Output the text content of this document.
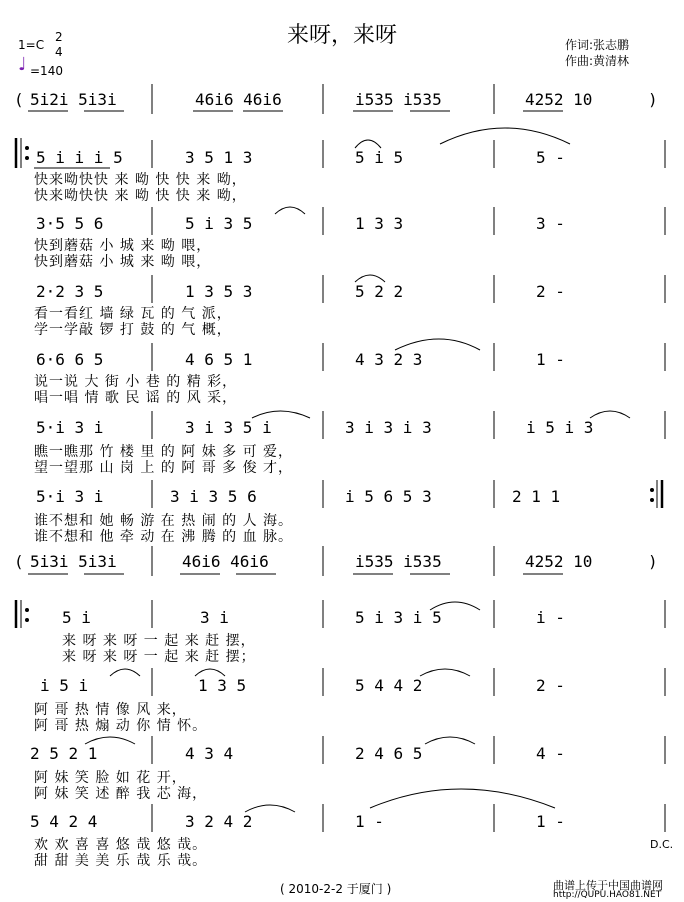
来呀，来呀
1=C
2
4
♩ =140
作词:张志鹏
作曲:黄清林
( 5i2i 5i3i	46i6 46i6	i535 i535	4252 10	)
5 i i i 5	3 5 1 3	5 i 5	5 -
快来呦快快 来 呦 快 快 来 呦，
快来呦快快 来 呦 快 快 来 呦，
3·5 5 6	5 i 3 5	1 3 3	3 -
快到蘑菇 小 城 来 呦 喂，
快到蘑菇 小 城 来 呦 喂，
2·2 3 5	1 3 5 3	5 2 2	2 -
看一看红 墙 绿 瓦 的 气 派，
学一学敲 锣 打 鼓 的 气 概，
6·6 6 5	4 6 5 1	4 3 2 3	1 -
说一说 大 街 小 巷 的 精 彩，
唱一唱 情 歌 民 谣 的 风 采，
5·i 3 i	3 i 3 5 i	3 i 3 i 3	i 5 i 3
瞧一瞧那 竹 楼 里 的 阿 妹 多 可 爱，
望一望那 山 岗 上 的 阿 哥 多 俊 才，
5·i 3 i	3 i 3 5 6	i 5 6 5 3	2 1 1
谁不想和 她 畅 游 在 热 闹 的 人 海。
谁不想和 他 牵 动 在 沸 腾 的 血 脉。
( 5i3i 5i3i	46i6 46i6	i535 i535	4252 10	)
5 i	3 i	5 i 3 i 5	i -
来 呀 来 呀 一 起 来 赶 摆，
来 呀 来 呀 一 起 来 赶 摆；
i 5 i	1 3 5	5 4 4 2	2 -
阿 哥 热 情 像 风 来，
阿 哥 热 煽 动 你 情 怀。
2 5 2 1	4 3 4	2 4 6 5	4 -
阿 妹 笑 脸 如 花 开，
阿 妹 笑 述 醉 我 芯 海，
5 4 2 4	3 2 4 2	1 -	1 -
欢 欢 喜 喜 悠 哉 悠 哉。
甜 甜 美 美 乐 哉 乐 哉。
D.C.
( 2010-2-2 于厦门 )	曲谱上传于中国曲谱网
http://QUPU.HAO81.NET
